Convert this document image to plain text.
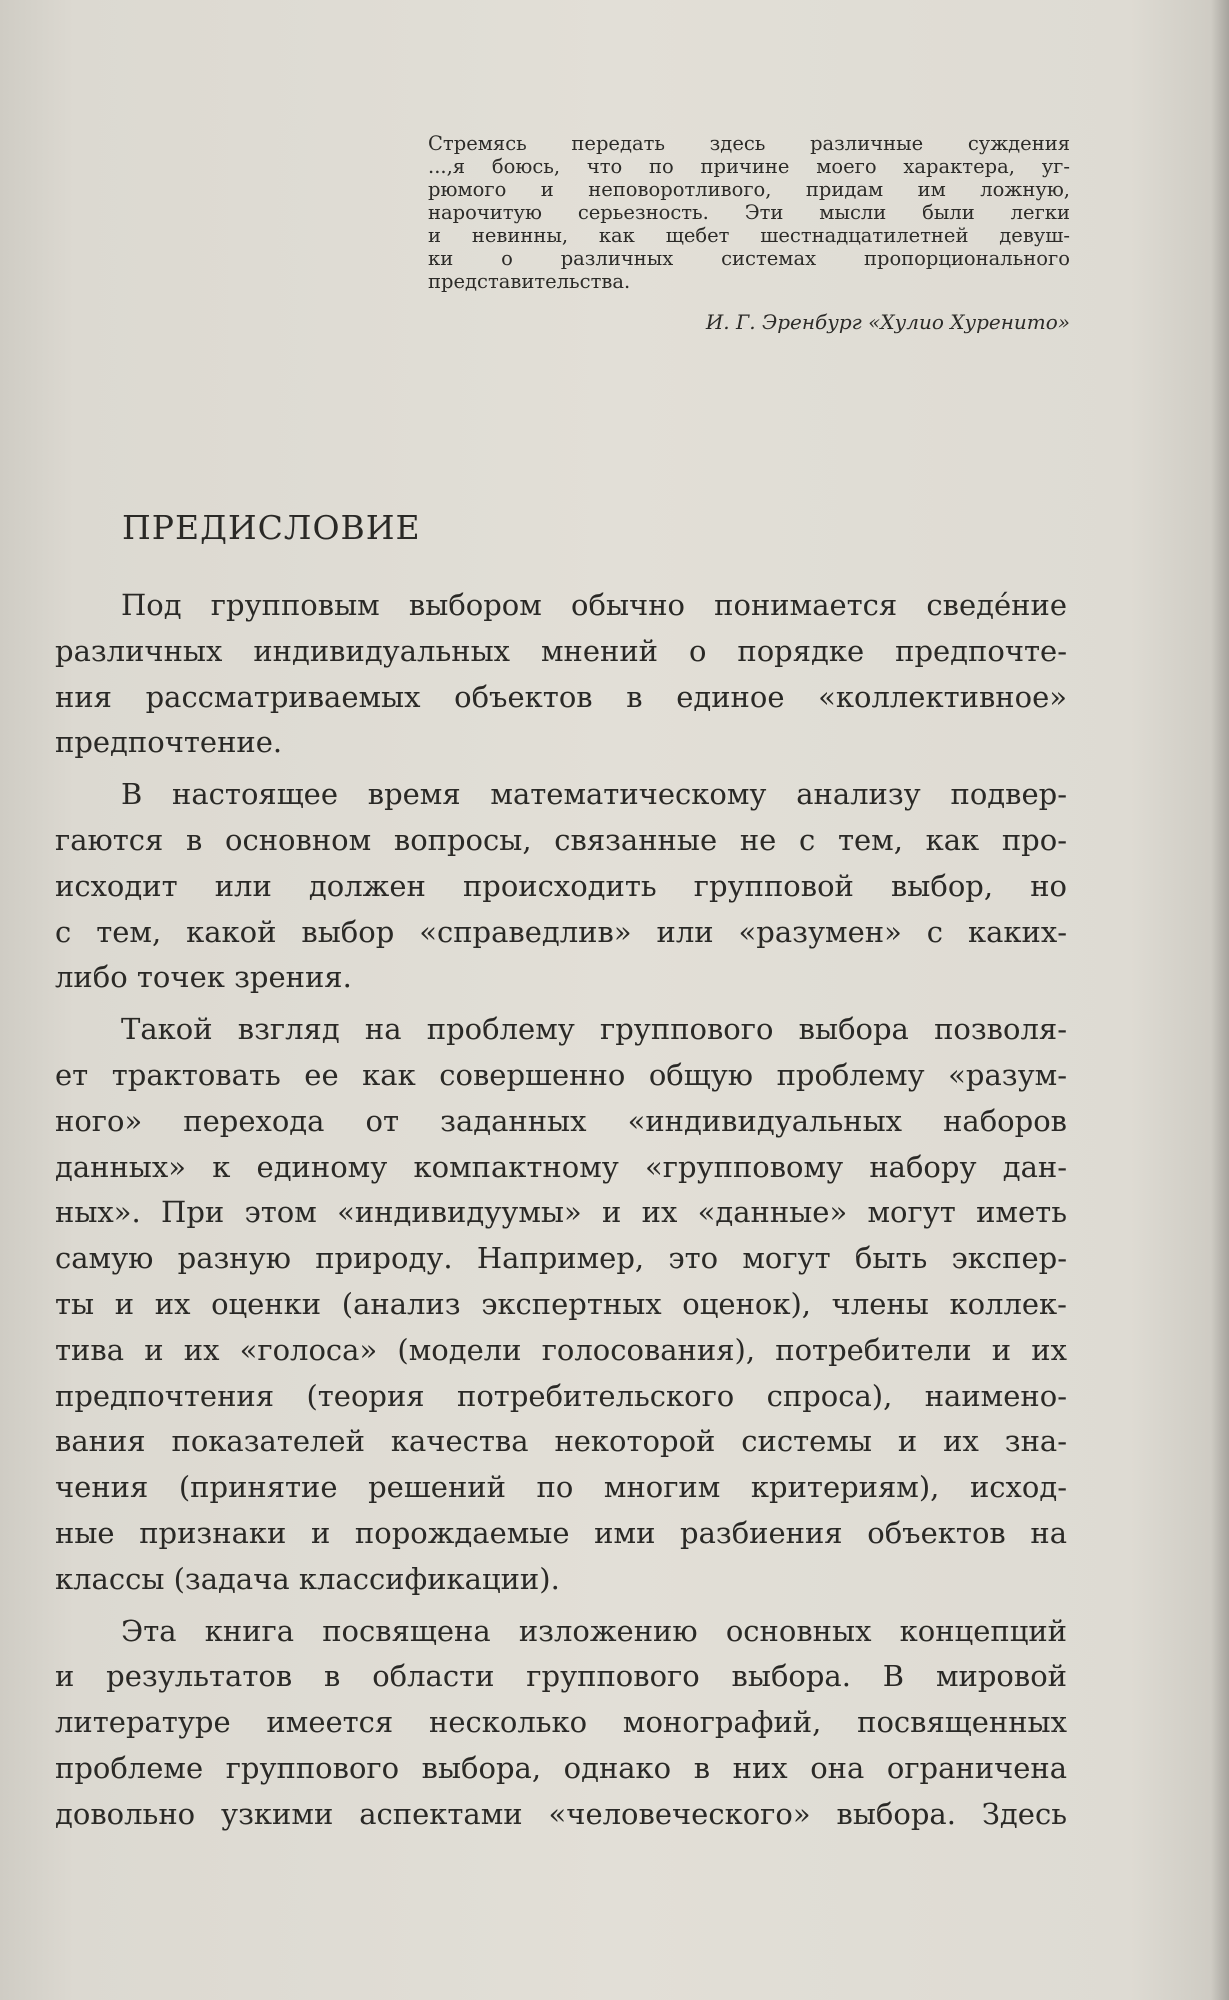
Стремясь передать здесь различные суждения
...,я боюсь, что по причине моего характера, уг-
рюмого и неповоротливого, придам им ложную,
нарочитую серьезность. Эти мысли были легки
и невинны, как щебет шестнадцатилетней девуш-
ки о различных системах пропорционального
представительства.
И. Г. Эренбург «Хулио Хуренито»
ПРЕДИСЛОВИЕ
Под групповым выбором обычно понимается сведе́ние
различных индивидуальных мнений о порядке предпочте-
ния рассматриваемых объектов в единое «коллективное»
предпочтение.
В настоящее время математическому анализу подвер-
гаются в основном вопросы, связанные не с тем, как про-
исходит или должен происходить групповой выбор, но
с тем, какой выбор «справедлив» или «разумен» с каких-
либо точек зрения.
Такой взгляд на проблему группового выбора позволя-
ет трактовать ее как совершенно общую проблему «разум-
ного» перехода от заданных «индивидуальных наборов
данных» к единому компактному «групповому набору дан-
ных». При этом «индивидуумы» и их «данные» могут иметь
самую разную природу. Например, это могут быть экспер-
ты и их оценки (анализ экспертных оценок), члены коллек-
тива и их «голоса» (модели голосования), потребители и их
предпочтения (теория потребительского спроса), наимено-
вания показателей качества некоторой системы и их зна-
чения (принятие решений по многим критериям), исход-
ные признаки и порождаемые ими разбиения объектов на
классы (задача классификации).
Эта книга посвящена изложению основных концепций
и результатов в области группового выбора. В мировой
литературе имеется несколько монографий, посвященных
проблеме группового выбора, однако в них она ограничена
довольно узкими аспектами «человеческого» выбора. Здесь
